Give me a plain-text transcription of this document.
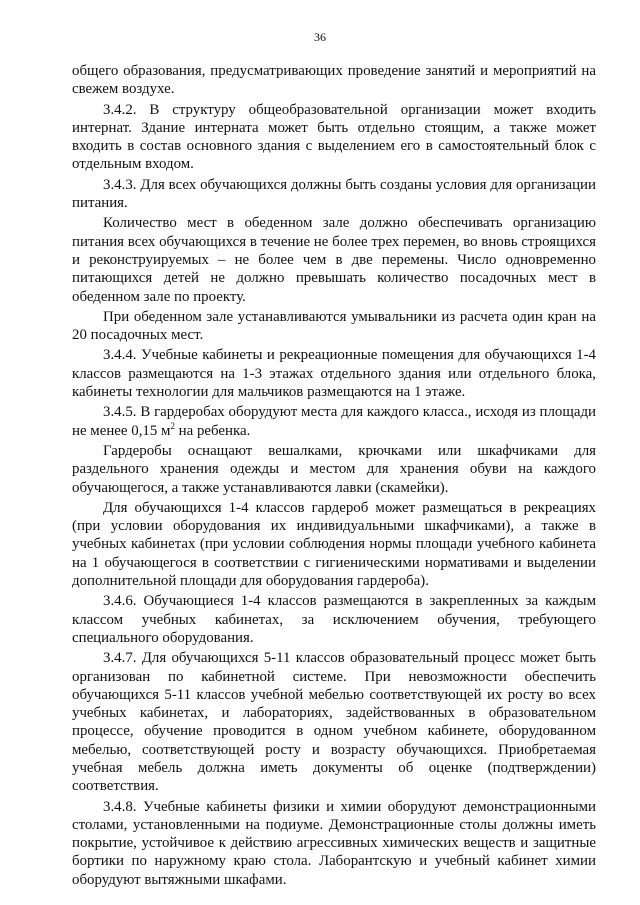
36

общего образования, предусматривающих проведение занятий и мероприятий на свежем воздухе.

3.4.2. В структуру общеобразовательной организации может входить интернат. Здание интерната может быть отдельно стоящим, а также может входить в состав основного здания с выделением его в самостоятельный блок с отдельным входом.

3.4.3. Для всех обучающихся должны быть созданы условия для организации питания.

Количество мест в обеденном зале должно обеспечивать организацию питания всех обучающихся в течение не более трех перемен, во вновь строящихся и реконструируемых – не более чем в две перемены. Число одновременно питающихся детей не должно превышать количество посадочных мест в обеденном зале по проекту.

При обеденном зале устанавливаются умывальники из расчета один кран на 20 посадочных мест.

3.4.4. Учебные кабинеты и рекреационные помещения для обучающихся 1-4 классов размещаются на 1-3 этажах отдельного здания или отдельного блока, кабинеты технологии для мальчиков размещаются на 1 этаже.

3.4.5. В гардеробах оборудуют места для каждого класса., исходя из площади не менее 0,15 $м^2$ на ребенка.

Гардеробы оснащают вешалками, крючками или шкафчиками для раздельного хранения одежды и местом для хранения обуви на каждого обучающегося, а также устанавливаются лавки (скамейки).

Для обучающихся 1-4 классов гардероб может размещаться в рекреациях (при условии оборудования их индивидуальными шкафчиками), а также в учебных кабинетах (при условии соблюдения нормы площади учебного кабинета на 1 обучающегося в соответствии с гигиеническими нормативами и выделении дополнительной площади для оборудования гардероба).

3.4.6. Обучающиеся 1-4 классов размещаются в закрепленных за каждым классом учебных кабинетах, за исключением обучения, требующего специального оборудования.

3.4.7. Для обучающихся 5-11 классов образовательный процесс может быть организован по кабинетной системе. При невозможности обеспечить обучающихся 5-11 классов учебной мебелью соответствующей их росту во всех учебных кабинетах, и лабораториях, задействованных в образовательном процессе, обучение проводится в одном учебном кабинете, оборудованном мебелью, соответствующей росту и возрасту обучающихся. Приобретаемая учебная мебель должна иметь документы об оценке (подтверждении) соответствия.

3.4.8. Учебные кабинеты физики и химии оборудуют демонстрационными столами, установленными на подиуме. Демонстрационные столы должны иметь покрытие, устойчивое к действию агрессивных химических веществ и защитные бортики по наружному краю стола. Лаборантскую и учебный кабинет химии оборудуют вытяжными шкафами.
